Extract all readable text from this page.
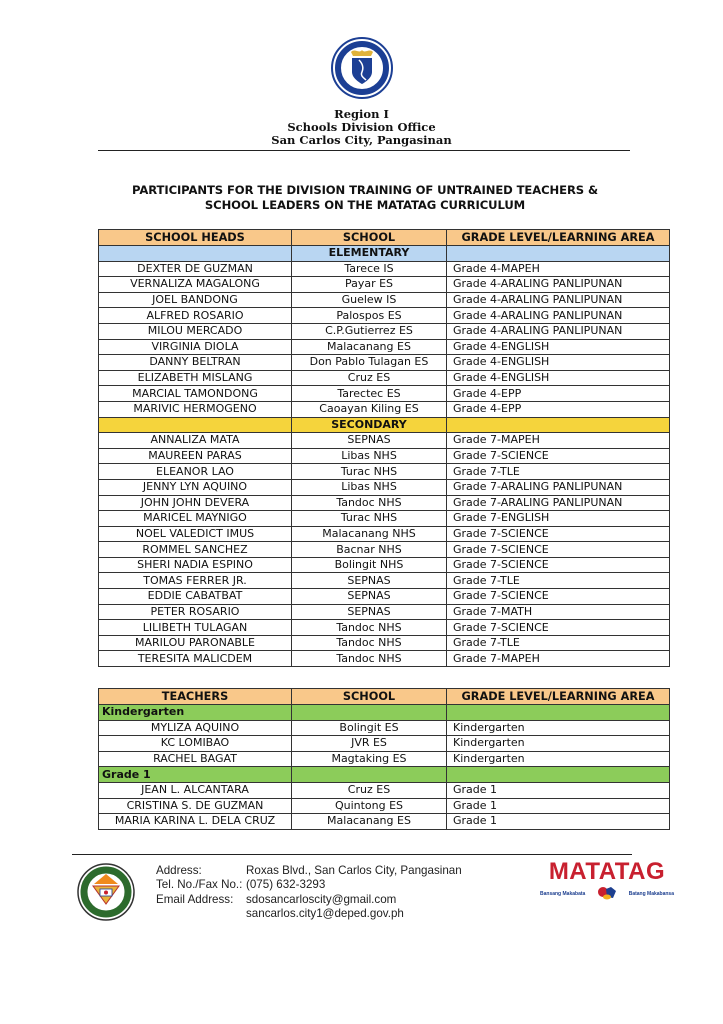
Region I
Schools Division Office
San Carlos City, Pangasinan
PARTICIPANTS FOR THE DIVISION TRAINING OF UNTRAINED TEACHERS &
SCHOOL LEADERS ON THE MATATAG CURRICULUM
SCHOOL HEADS	SCHOOL	GRADE LEVEL/LEARNING AREA
	ELEMENTARY	
DEXTER DE GUZMAN	Tarece IS	Grade 4-MAPEH
VERNALIZA MAGALONG	Payar ES	Grade 4-ARALING PANLIPUNAN
JOEL BANDONG	Guelew IS	Grade 4-ARALING PANLIPUNAN
ALFRED ROSARIO	Palospos ES	Grade 4-ARALING PANLIPUNAN
MILOU MERCADO	C.P.Gutierrez ES	Grade 4-ARALING PANLIPUNAN
VIRGINIA DIOLA	Malacanang ES	Grade 4-ENGLISH
DANNY BELTRAN	Don Pablo Tulagan ES	Grade 4-ENGLISH
ELIZABETH MISLANG	Cruz ES	Grade 4-ENGLISH
MARCIAL TAMONDONG	Tarectec ES	Grade 4-EPP
MARIVIC HERMOGENO	Caoayan Kiling ES	Grade 4-EPP
	SECONDARY	
ANNALIZA MATA	SEPNAS	Grade 7-MAPEH
MAUREEN PARAS	Libas NHS	Grade 7-SCIENCE
ELEANOR LAO	Turac NHS	Grade 7-TLE
JENNY LYN AQUINO	Libas NHS	Grade 7-ARALING PANLIPUNAN
JOHN JOHN DEVERA	Tandoc NHS	Grade 7-ARALING PANLIPUNAN
MARICEL MAYNIGO	Turac NHS	Grade 7-ENGLISH
NOEL VALEDICT IMUS	Malacanang NHS	Grade 7-SCIENCE
ROMMEL SANCHEZ	Bacnar NHS	Grade 7-SCIENCE
SHERI NADIA ESPINO	Bolingit NHS	Grade 7-SCIENCE
TOMAS FERRER JR.	SEPNAS	Grade 7-TLE
EDDIE CABATBAT	SEPNAS	Grade 7-SCIENCE
PETER ROSARIO	SEPNAS	Grade 7-MATH
LILIBETH TULAGAN	Tandoc NHS	Grade 7-SCIENCE
MARILOU PARONABLE	Tandoc NHS	Grade 7-TLE
TERESITA MALICDEM	Tandoc NHS	Grade 7-MAPEH
TEACHERS	SCHOOL	GRADE LEVEL/LEARNING AREA
Kindergarten		
MYLIZA AQUINO	Bolingit ES	Kindergarten
KC LOMIBAO	JVR ES	Kindergarten
RACHEL BAGAT	Magtaking ES	Kindergarten
Grade 1		
JEAN L. ALCANTARA	Cruz ES	Grade 1
CRISTINA S. DE GUZMAN	Quintong ES	Grade 1
MARIA KARINA L. DELA CRUZ	Malacanang ES	Grade 1
Address:	Roxas Blvd., San Carlos City, Pangasinan
Tel. No./Fax No.: (075) 632-3293
Email Address:	sdosancarloscity@gmail.com
sancarlos.city1@deped.gov.ph
MATATAG
Bansang Makabata	Batang Makabansa
